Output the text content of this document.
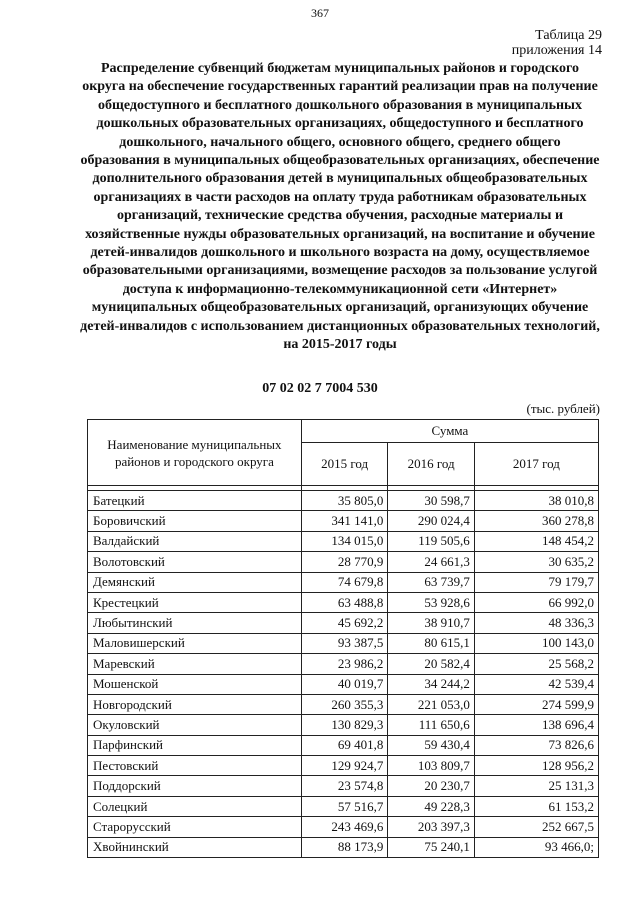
367
Таблица 29
приложения 14
Распределение субвенций бюджетам муниципальных районов и городского округа на обеспечение государственных гарантий реализации прав на получение общедоступного и бесплатного дошкольного образования в муниципальных дошкольных образовательных организациях, общедоступного и бесплатного дошкольного, начального общего, основного общего, среднего общего образования в муниципальных общеобразовательных организациях, обеспечение дополнительного образования детей в муниципальных общеобразовательных организациях в части расходов на оплату труда работникам образовательных организаций, технические средства обучения, расходные материалы и хозяйственные нужды образовательных организаций, на воспитание и обучение детей-инвалидов дошкольного и школьного возраста на дому, осуществляемое образовательными организациями, возмещение расходов за пользование услугой доступа к информационно-телекоммуникационной сети «Интернет» муниципальных общеобразовательных организаций, организующих обучение детей-инвалидов с использованием дистанционных образовательных технологий, на 2015-2017 годы
07 02 02 7 7004 530
(тыс. рублей)
Наименование муниципальных районов и городского округа	Сумма		
	2015 год	2016 год	2017 год

Батецкий	35 805,0	30 598,7	38 010,8
Боровичский	341 141,0	290 024,4	360 278,8
Валдайский	134 015,0	119 505,6	148 454,2
Волотовский	28 770,9	24 661,3	30 635,2
Демянский	74 679,8	63 739,7	79 179,7
Крестецкий	63 488,8	53 928,6	66 992,0
Любытинский	45 692,2	38 910,7	48 336,3
Маловишерский	93 387,5	80 615,1	100 143,0
Маревский	23 986,2	20 582,4	25 568,2
Мошенской	40 019,7	34 244,2	42 539,4
Новгородский	260 355,3	221 053,0	274 599,9
Окуловский	130 829,3	111 650,6	138 696,4
Парфинский	69 401,8	59 430,4	73 826,6
Пестовский	129 924,7	103 809,7	128 956,2
Поддорский	23 574,8	20 230,7	25 131,3
Солецкий	57 516,7	49 228,3	61 153,2
Старорусский	243 469,6	203 397,3	252 667,5
Хвойнинский	88 173,9	75 240,1	93 466,0;
